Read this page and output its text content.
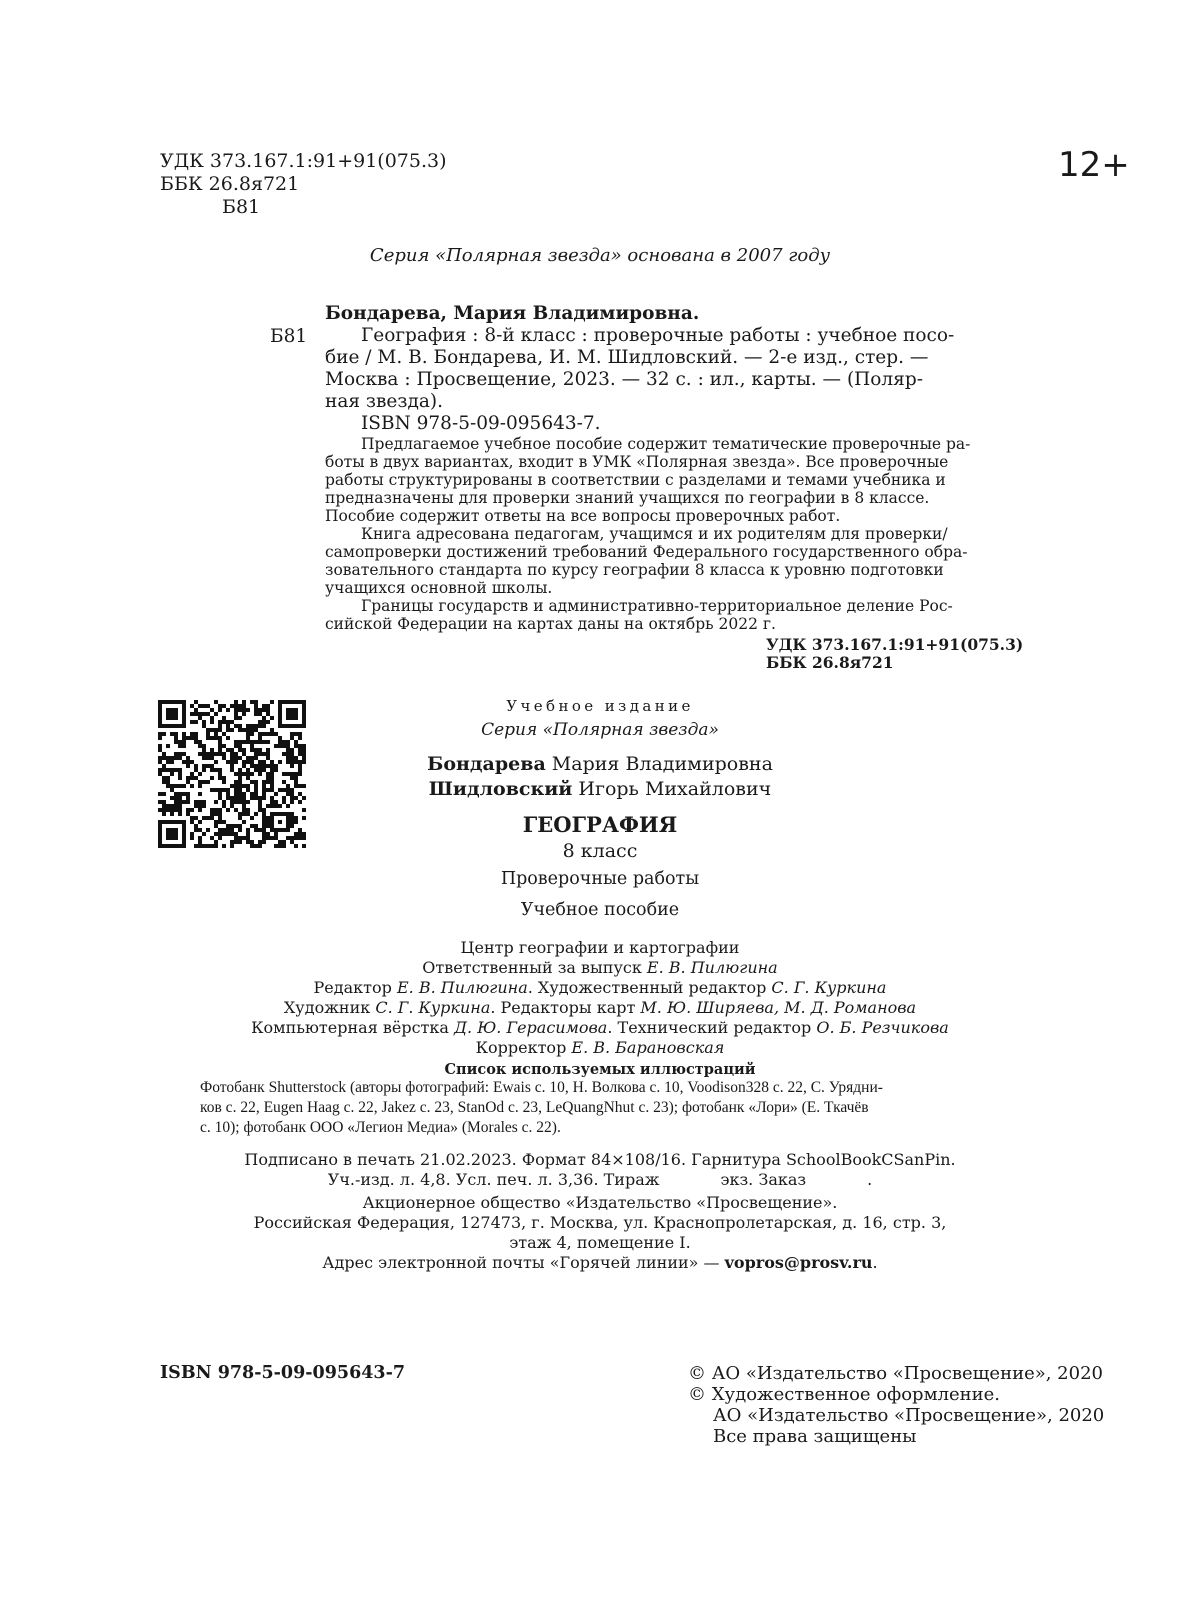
УДК 373.167.1:91+91(075.3)
ББК 26.8я721
Б81
12+
Серия «Полярная звезда» основана в 2007 году
Б81

Бондарева, Мария Владимировна.

География : 8-й класс : проверочные работы : учебное посо-

бие / М. В. Бондарева, И. М. Шидловский. — 2-е изд., стер. —

Москва : Просвещение, 2023. — 32 с. : ил., карты. — (Поляр-

ная звезда).

ISBN 978-5-09-095643-7.

Предлагаемое учебное пособие содержит тематические проверочные ра-

боты в двух вариантах, входит в УМК «Полярная звезда». Все проверочные

работы структурированы в соответствии с разделами и темами учебника и

предназначены для проверки знаний учащихся по географии в 8 классе.

Пособие содержит ответы на все вопросы проверочных работ.

Книга адресована педагогам, учащимся и их родителям для проверки/

самопроверки достижений требований Федерального государственного обра-

зовательного стандарта по курсу географии 8 класса к уровню подготовки

учащихся основной школы.

Границы государств и административно-территориальное деление Рос-

сийской Федерации на картах даны на октябрь 2022 г.

УДК 373.167.1:91+91(075.3)
ББК 26.8я721
Учебное издание
Серия «Полярная звезда»
Бондарева Мария Владимировна
Шидловский Игорь Михайлович
ГЕОГРАФИЯ
8 класс
Проверочные работы
Учебное пособие
Центр географии и картографии
Ответственный за выпуск Е. В. Пилюгина
Редактор Е. В. Пилюгина. Художественный редактор С. Г. Куркина
Художник С. Г. Куркина. Редакторы карт М. Ю. Ширяева, М. Д. Романова
Компьютерная вёрстка Д. Ю. Герасимова. Технический редактор О. Б. Резчикова
Корректор Е. В. Барановская
Список используемых иллюстраций
Фотобанк Shutterstock (авторы фотографий: Ewais с. 10, Н. Волкова с. 10, Voodison328 с. 22, С. Урядни-
ков с. 22, Eugen Haag с. 22, Jakez с. 23, StanOd с. 23, LeQuangNhut с. 23); фотобанк «Лори» (Е. Ткачёв
с. 10); фотобанк ООО «Легион Медиа» (Morales с. 22).
Подписано в печать 21.02.2023. Формат 84×108/16. Гарнитура SchoolBookCSanPin.
Уч.-изд. л. 4,8. Усл. печ. л. 3,36. Тираж            экз. Заказ            .
Акционерное общество «Издательство «Просвещение».
Российская Федерация, 127473, г. Москва, ул. Краснопролетарская, д. 16, стр. 3,
этаж 4, помещение I.
Адрес электронной почты «Горячей линии» — vopros@prosv.ru.
ISBN 978-5-09-095643-7	© АО «Издательство «Просвещение», 2020
© Художественное оформление.
АО «Издательство «Просвещение», 2020
Все права защищены
